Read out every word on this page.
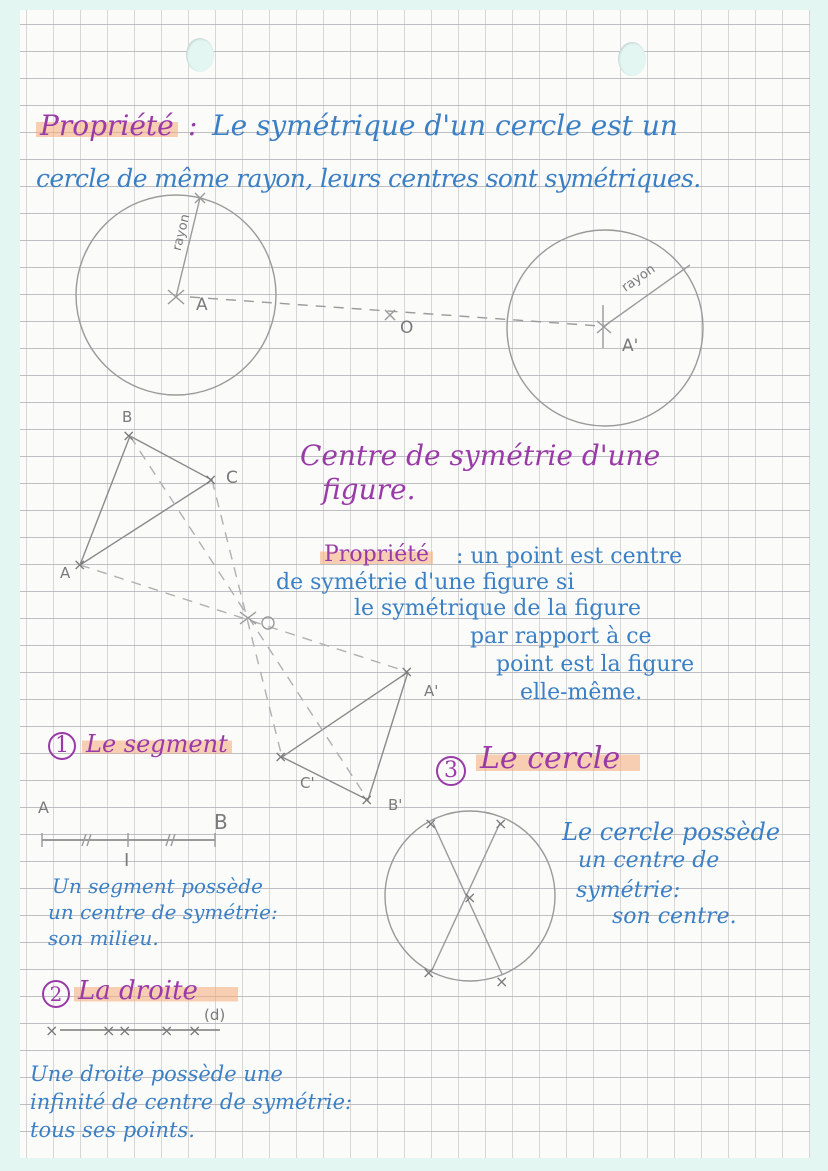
×	× × × ×
×	×
×
×	×
×
×
×
×
×
×
Propriété : Le symétrique d'un cercle est un
cercle de même rayon, leurs centres sont symétriques.
rayon
A
O
rayon
A'
B
C
A
A'
B'
C'
Centre de symétrie d'une
figure.
Propriété : un point est centre
de symétrie d'une figure si
le symétrique de la figure
par rapport à ce
point est la figure
elle-même.
1 Le segment
A
B
I
Un segment possède
un centre de symétrie:
son milieu.
2 La droite
(d)
Une droite possède une
infinité de centre de symétrie:
tous ses points.
3 Le cercle
Le cercle possède
un centre de
symétrie:
son centre.
